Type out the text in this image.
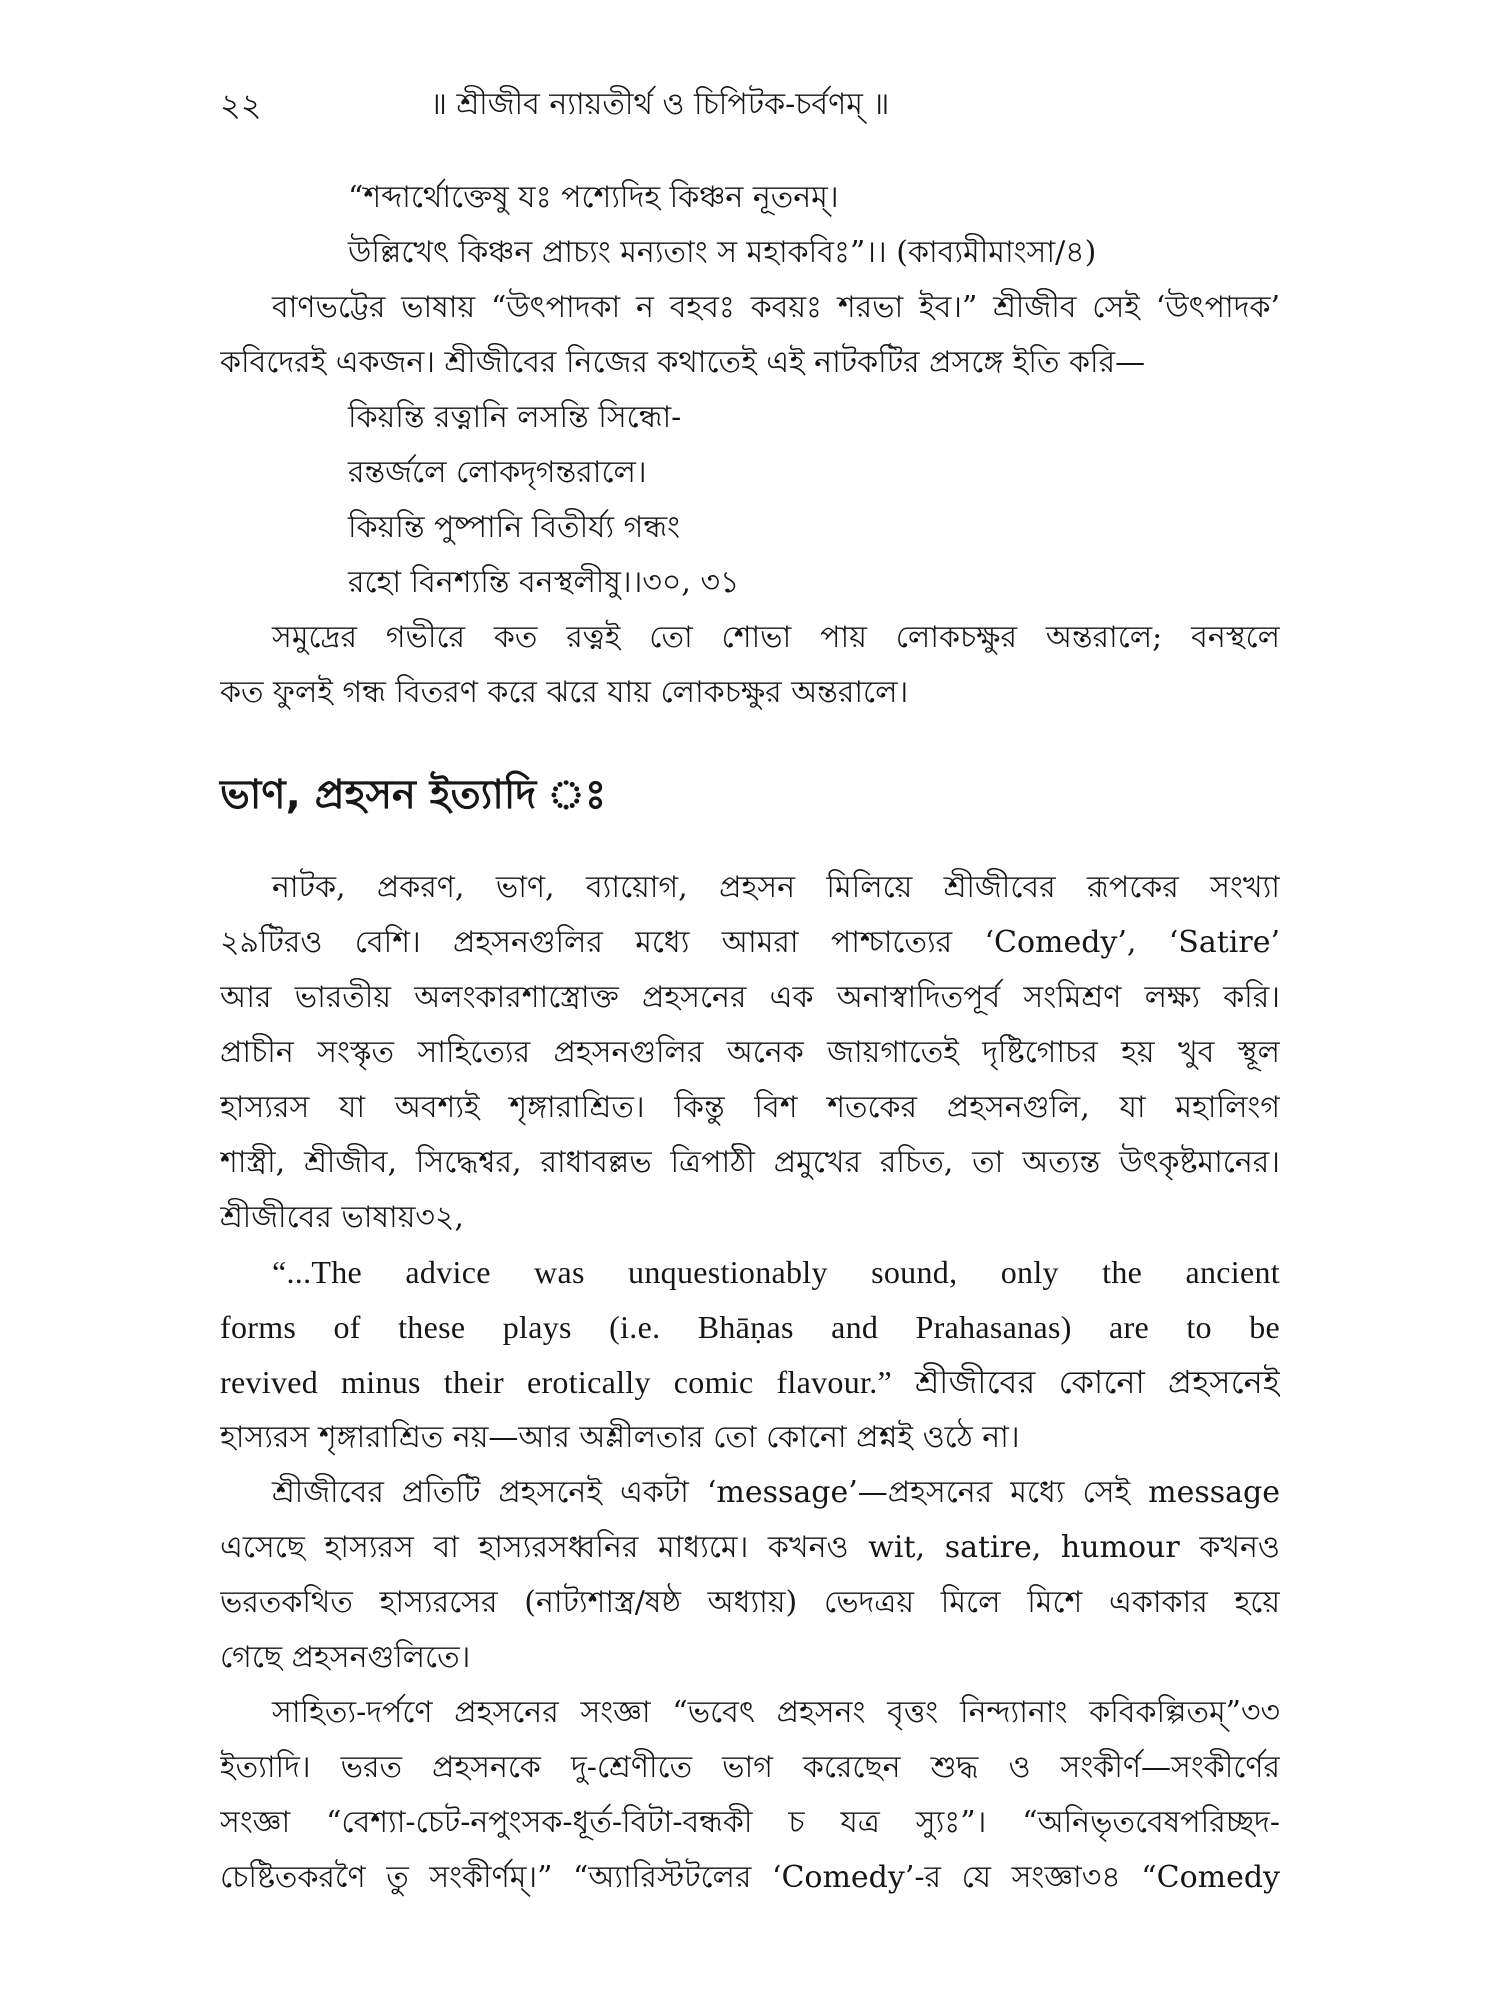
২২	॥ শ্রীজীব ন্যায়তীর্থ ও চিপিটক-চর্বণম্ ॥
“শব্দার্থোক্তেষু যঃ পশ্যেদিহ কিঞ্চন নূতনম্।
উল্লিখেৎ কিঞ্চন প্রাচ্যং মন্যতাং স মহাকবিঃ”।। (কাব্যমীমাংসা/৪)
বাণভট্টের ভাষায় “উৎপাদকা ন বহবঃ কবয়ঃ শরভা ইব।” শ্রীজীব সেই ‘উৎপাদক’
কবিদেরই একজন। শ্রীজীবের নিজের কথাতেই এই নাটকটির প্রসঙ্গে ইতি করি—
কিয়ন্তি রত্নানি লসন্তি সিন্ধো-
রন্তর্জলে লোকদৃগন্তরালে।
কিয়ন্তি পুষ্পানি বিতীর্য্য গন্ধং
রহো বিনশ্যন্তি বনস্থলীষু।।৩০, ৩১
সমুদ্রের গভীরে কত রত্নই তো শোভা পায় লোকচক্ষুর অন্তরালে; বনস্থলে
কত ফুলই গন্ধ বিতরণ করে ঝরে যায় লোকচক্ষুর অন্তরালে।
ভাণ, প্রহসন ইত্যাদি ঃ
নাটক, প্রকরণ, ভাণ, ব্যায়োগ, প্রহসন মিলিয়ে শ্রীজীবের রূপকের সংখ্যা
২৯টিরও বেশি। প্রহসনগুলির মধ্যে আমরা পাশ্চাত্যের ‘Comedy’, ‘Satire’
আর ভারতীয় অলংকারশাস্ত্রোক্ত প্রহসনের এক অনাস্বাদিতপূর্ব সংমিশ্রণ লক্ষ্য করি।
প্রাচীন সংস্কৃত সাহিত্যের প্রহসনগুলির অনেক জায়গাতেই দৃষ্টিগোচর হয় খুব স্থূল
হাস্যরস যা অবশ্যই শৃঙ্গারাশ্রিত। কিন্তু বিশ শতকের প্রহসনগুলি, যা মহালিংগ
শাস্ত্রী, শ্রীজীব, সিদ্ধেশ্বর, রাধাবল্লভ ত্রিপাঠী প্রমুখের রচিত, তা অত্যন্ত উৎকৃষ্টমানের।
শ্রীজীবের ভাষায়৩২,
“...The advice was unquestionably sound, only the ancient
forms of these plays (i.e. Bhāṇas and Prahasanas) are to be
revived minus their erotically comic flavour.” শ্রীজীবের কোনো প্রহসনেই
হাস্যরস শৃঙ্গারাশ্রিত নয়—আর অশ্লীলতার তো কোনো প্রশ্নই ওঠে না।
শ্রীজীবের প্রতিটি প্রহসনেই একটা ‘message’—প্রহসনের মধ্যে সেই message
এসেছে হাস্যরস বা হাস্যরসধ্বনির মাধ্যমে। কখনও wit, satire, humour কখনও
ভরতকথিত হাস্যরসের (নাট্যশাস্ত্র/ষষ্ঠ অধ্যায়) ভেদত্রয় মিলে মিশে একাকার হয়ে
গেছে প্রহসনগুলিতে।
সাহিত্য-দর্পণে প্রহসনের সংজ্ঞা “ভবেৎ প্রহসনং বৃত্তং নিন্দ্যানাং কবিকল্পিতম্”৩৩
ইত্যাদি। ভরত প্রহসনকে দু-শ্রেণীতে ভাগ করেছেন শুদ্ধ ও সংকীর্ণ—সংকীর্ণের
সংজ্ঞা “বেশ্যা-চেট-নপুংসক-ধূর্ত-বিটা-বন্ধকী চ যত্র স্যুঃ”। “অনিভৃতবেষপরিচ্ছদ-
চেষ্টিতকরণৈ তু সংকীর্ণম্।” “অ্যারিস্টটলের ‘Comedy’-র যে সংজ্ঞা৩৪ “Comedy
